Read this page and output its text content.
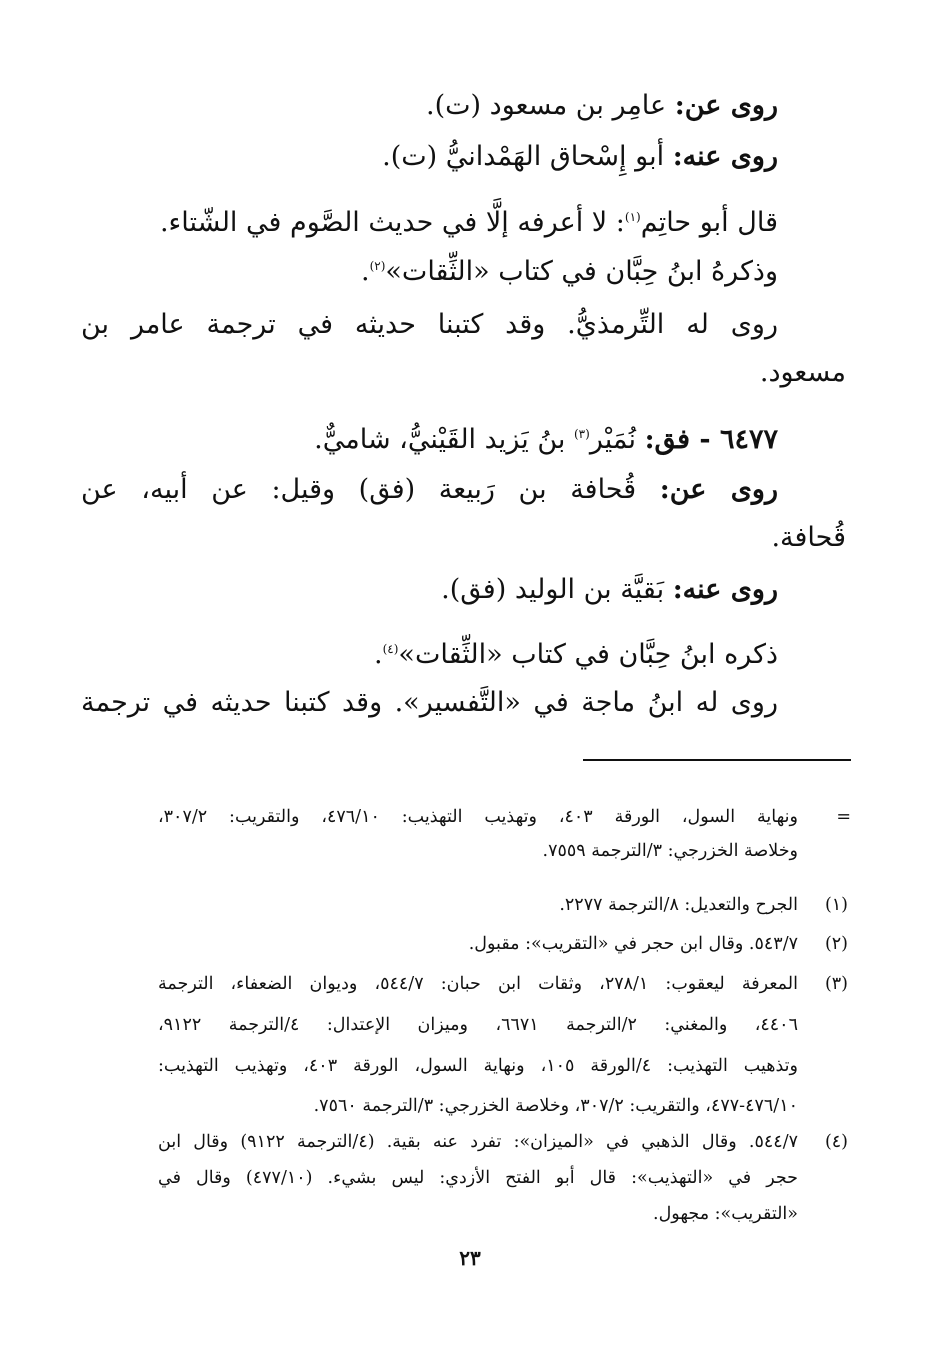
روى عن: عامِر بن مسعود (ت).

روى عنه: أبو إِسْحاق الهَمْدانيُّ (ت).

قال أبو حاتِم$^{(١)}$: لا أعرفه إلَّا في حديث الصَّوم في الشّتاء.

وذكرهُ ابنُ حِبَّان في كتاب «الثِّقات»$^{(٢)}$.

روى له التِّرمذيُّ. وقد كتبنا حديثه في ترجمة عامر بن

مسعود.

٦٤٧٧ - فق: نُمَيْر$^{(٣)}$ بنُ يَزيد القَيْنيُّ، شاميٌّ.

روى عن: قُحافة بن رَبيعة (فق) وقيل: عن أبيه، عن

قُحافة.

روى عنه: بَقيَّة بن الوليد (فق).

ذكره ابنُ حِبَّان في كتاب «الثِّقات»$^{(٤)}$.

روى له ابنُ ماجة في «التَّفسير». وقد كتبنا حديثه في ترجمة

=

ونهاية السول، الورقة ٤٠٣، وتهذيب التهذيب: ٤٧٦/١٠، والتقريب: ٣٠٧/٢،

وخلاصة الخزرجي: ٣/الترجمة ٧٥٥٩.

(١)

الجرح والتعديل: ٨/الترجمة ٢٢٧٧.

(٢)

٥٤٣/٧. وقال ابن حجر في «التقريب»: مقبول.

(٣)

المعرفة ليعقوب: ٢٧٨/١، وثقات ابن حبان: ٥٤٤/٧، وديوان الضعفاء، الترجمة

٤٤٠٦، والمغني: ٢/الترجمة ٦٦٧١، وميزان الإعتدال: ٤/الترجمة ٩١٢٢،

وتذهيب التهذيب: ٤/الورقة ١٠٥، ونهاية السول، الورقة ٤٠٣، وتهذيب التهذيب:

٤٧٦/١٠-٤٧٧، والتقريب: ٣٠٧/٢، وخلاصة الخزرجي: ٣/الترجمة ٧٥٦٠.

(٤)

٥٤٤/٧. وقال الذهبي في «الميزان»: تفرد عنه بقية. (٤/الترجمة ٩١٢٢) وقال ابن

حجر في «التهذيب»: قال أبو الفتح الأزدي: ليس بشيء. (٤٧٧/١٠) وقال في

«التقريب»: مجهول.

٢٣
